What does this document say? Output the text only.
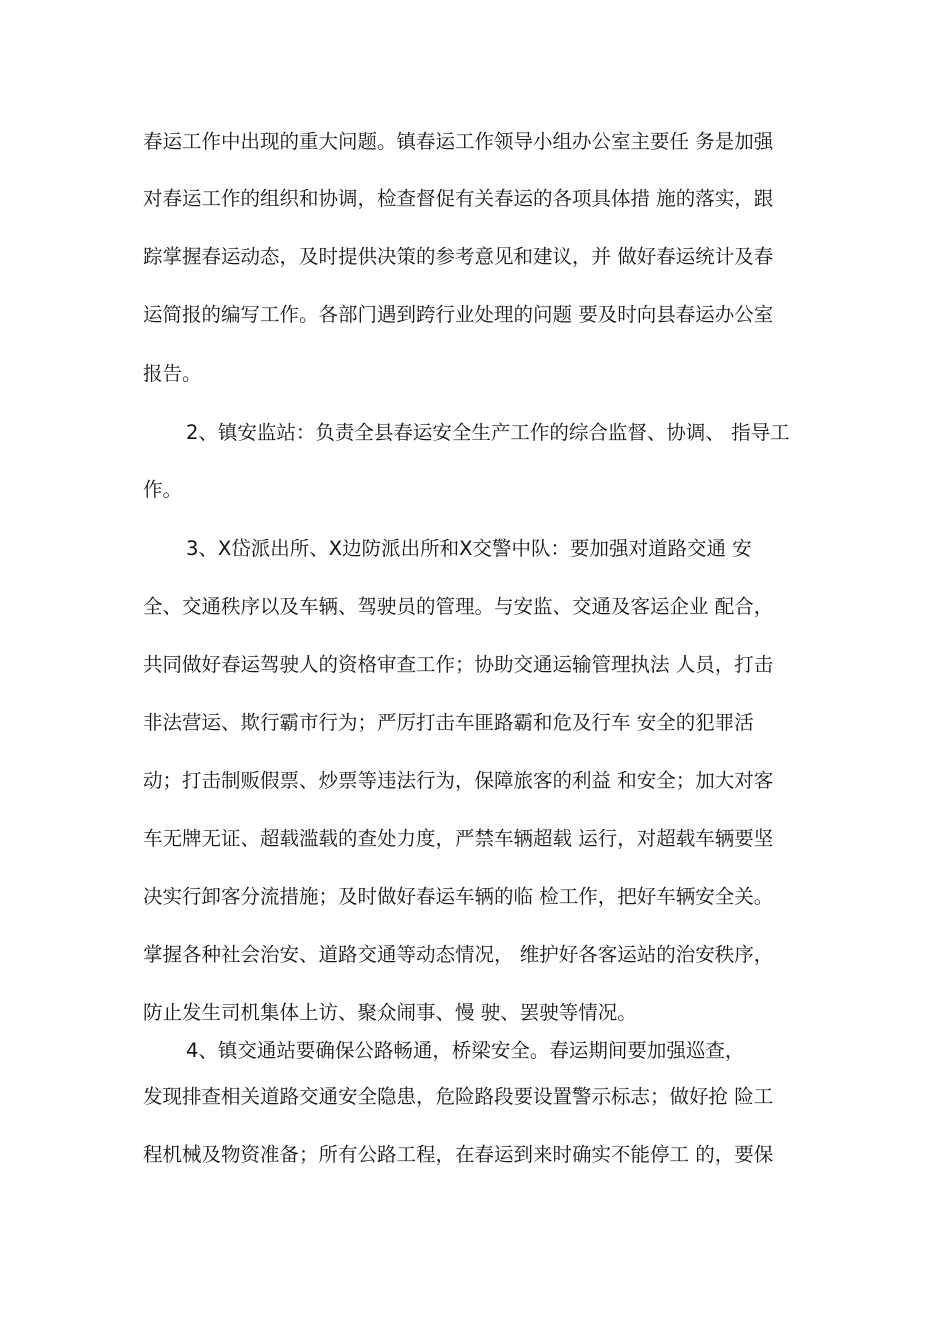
春运工作中出现的重大问题。镇春运工作领导小组办公室主要任 务是加强
对春运工作的组织和协调，检查督促有关春运的各项具体措 施的落实，跟
踪掌握春运动态，及时提供决策的参考意见和建议，并 做好春运统计及春
运简报的编写工作。各部门遇到跨行业处理的问题 要及时向县春运办公室
报告。
2、镇安监站：负责全县春运安全生产工作的综合监督、协调、 指导工
作。
3、X岱派出所、X边防派出所和X交警中队：要加强对道路交通 安
全、交通秩序以及车辆、驾驶员的管理。与安监、交通及客运企业 配合，
共同做好春运驾驶人的资格审查工作；协助交通运输管理执法 人员，打击
非法营运、欺行霸市行为；严厉打击车匪路霸和危及行车 安全的犯罪活
动；打击制贩假票、炒票等违法行为，保障旅客的利益 和安全；加大对客
车无牌无证、超载滥载的查处力度，严禁车辆超载 运行，对超载车辆要坚
决实行卸客分流措施；及时做好春运车辆的临 检工作，把好车辆安全关。
掌握各种社会治安、道路交通等动态情况， 维护好各客运站的治安秩序，
防止发生司机集体上访、聚众闹事、慢 驶、罢驶等情况。
4、镇交通站要确保公路畅通，桥梁安全。春运期间要加强巡查，
发现排查相关道路交通安全隐患，危险路段要设置警示标志；做好抢 险工
程机械及物资准备；所有公路工程，在春运到来时确实不能停工 的，要保
